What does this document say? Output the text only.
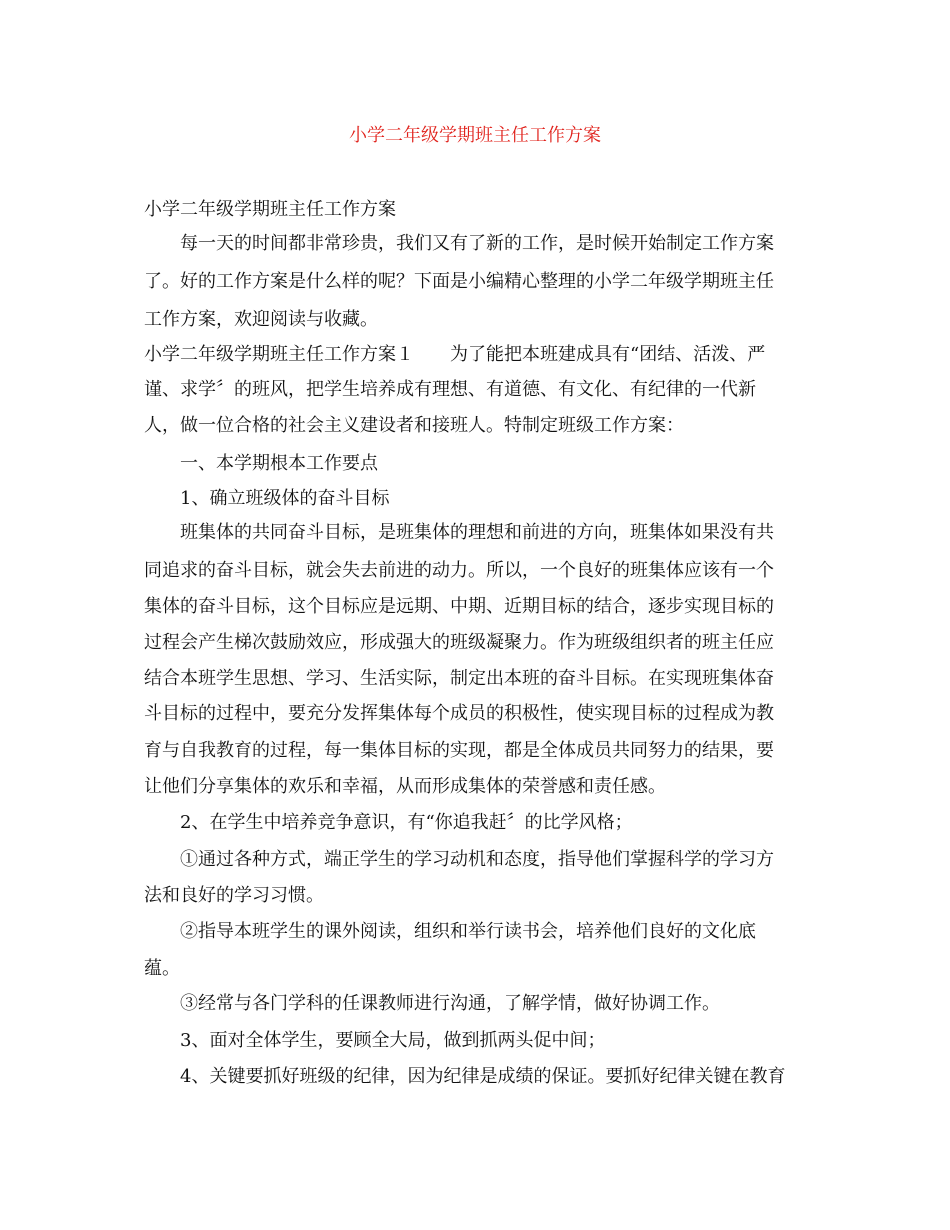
小学二年级学期班主任工作方案
小学二年级学期班主任工作方案
　　每一天的时间都非常珍贵，我们又有了新的工作，是时候开始制定工作方案
了。好的工作方案是什么样的呢？下面是小编精心整理的小学二年级学期班主任
工作方案，欢迎阅读与收藏。
小学二年级学期班主任工作方案１　　为了能把本班建成具有“团结、活泼、严
谨、求学〞的班风，把学生培养成有理想、有道德、有文化、有纪律的一代新
人，做一位合格的社会主义建设者和接班人。特制定班级工作方案：
　　一、本学期根本工作要点
　　1、确立班级体的奋斗目标
　　班集体的共同奋斗目标，是班集体的理想和前进的方向，班集体如果没有共
同追求的奋斗目标，就会失去前进的动力。所以，一个良好的班集体应该有一个
集体的奋斗目标，这个目标应是远期、中期、近期目标的结合，逐步实现目标的
过程会产生梯次鼓励效应，形成强大的班级凝聚力。作为班级组织者的班主任应
结合本班学生思想、学习、生活实际，制定出本班的奋斗目标。在实现班集体奋
斗目标的过程中，要充分发挥集体每个成员的积极性，使实现目标的过程成为教
育与自我教育的过程，每一集体目标的实现，都是全体成员共同努力的结果，要
让他们分享集体的欢乐和幸福，从而形成集体的荣誉感和责任感。
　　2、在学生中培养竞争意识，有“你追我赶〞的比学风格；
　　①通过各种方式，端正学生的学习动机和态度，指导他们掌握科学的学习方
法和良好的学习习惯。
　　②指导本班学生的课外阅读，组织和举行读书会，培养他们良好的文化底
蕴。
　　③经常与各门学科的任课教师进行沟通，了解学情，做好协调工作。
　　3、面对全体学生，要顾全大局，做到抓两头促中间；
　　4、关键要抓好班级的纪律，因为纪律是成绩的保证。要抓好纪律关键在教育
